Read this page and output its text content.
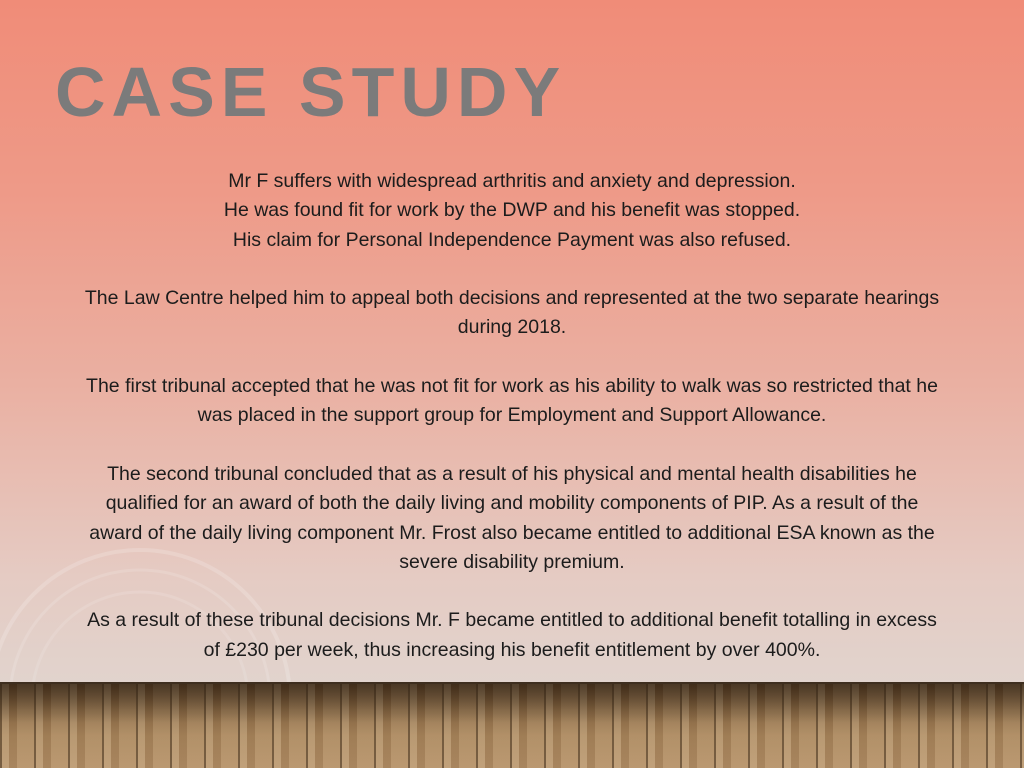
CASE STUDY

Mr F suffers with widespread arthritis and anxiety and depression.
He was found fit for work by the DWP and his benefit was stopped.
His claim for Personal Independence Payment was also refused.

The Law Centre helped him to appeal both decisions and represented at the two separate hearings
during 2018.

The first tribunal accepted that he was not fit for work as his ability to walk was so restricted that he
was placed in the support group for Employment and Support Allowance.

The second tribunal concluded that as a result of his physical and mental health disabilities he
qualified for an award of both the daily living and mobility components of PIP. As a result of the
award of the daily living component Mr. Frost also became entitled to additional ESA known as the
severe disability premium.

As a result of these tribunal decisions Mr. F became entitled to additional benefit totalling in excess
of £230 per week, thus increasing his benefit entitlement by over 400%.
